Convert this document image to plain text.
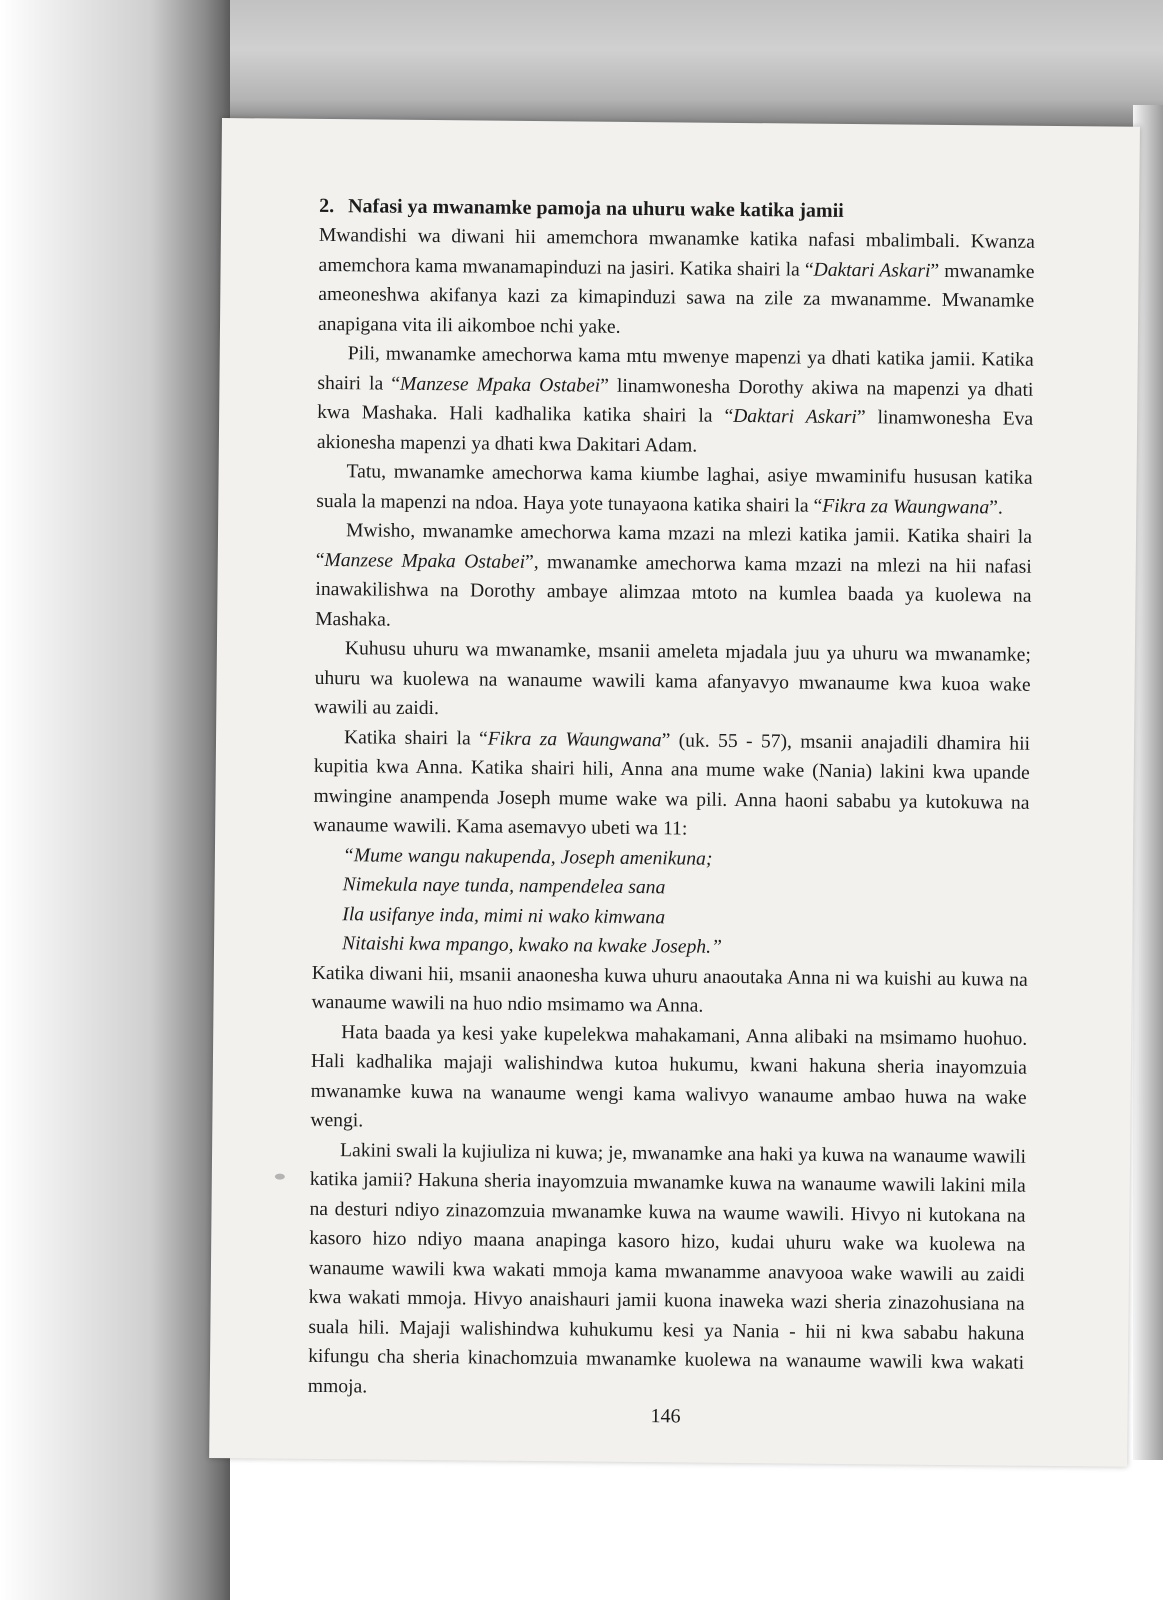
2. Nafasi ya mwanamke pamoja na uhuru wake katika jamii

Mwandishi wa diwani hii amemchora mwanamke katika nafasi mbalimbali. Kwanza amemchora kama mwanamapinduzi na jasiri. Katika shairi la “Daktari Askari” mwanamke ameoneshwa akifanya kazi za kimapinduzi sawa na zile za mwanamme. Mwanamke anapigana vita ili aikomboe nchi yake.

Pili, mwanamke amechorwa kama mtu mwenye mapenzi ya dhati katika jamii. Katika shairi la “Manzese Mpaka Ostabei” linamwonesha Dorothy akiwa na mapenzi ya dhati kwa Mashaka. Hali kadhalika katika shairi la “Daktari Askari” linamwonesha Eva akionesha mapenzi ya dhati kwa Dakitari Adam.

Tatu, mwanamke amechorwa kama kiumbe laghai, asiye mwaminifu hususan katika suala la mapenzi na ndoa. Haya yote tunayaona katika shairi la “Fikra za Waungwana”.

Mwisho, mwanamke amechorwa kama mzazi na mlezi katika jamii. Katika shairi la “Manzese Mpaka Ostabei”, mwanamke amechorwa kama mzazi na mlezi na hii nafasi inawakilishwa na Dorothy ambaye alimzaa mtoto na kumlea baada ya kuolewa na Mashaka.

Kuhusu uhuru wa mwanamke, msanii ameleta mjadala juu ya uhuru wa mwanamke; uhuru wa kuolewa na wanaume wawili kama afanyavyo mwanaume kwa kuoa wake wawili au zaidi.

Katika shairi la “Fikra za Waungwana” (uk. 55 - 57), msanii anajadili dhamira hii kupitia kwa Anna. Katika shairi hili, Anna ana mume wake (Nania) lakini kwa upande mwingine anampenda Joseph mume wake wa pili. Anna haoni sababu ya kutokuwa na wanaume wawili. Kama asemavyo ubeti wa 11:

“Mume wangu nakupenda, Joseph amenikuna;
Nimekula naye tunda, nampendelea sana
Ila usifanye inda, mimi ni wako kimwana
Nitaishi kwa mpango, kwako na kwake Joseph.”

Katika diwani hii, msanii anaonesha kuwa uhuru anaoutaka Anna ni wa kuishi au kuwa na wanaume wawili na huo ndio msimamo wa Anna.

Hata baada ya kesi yake kupelekwa mahakamani, Anna alibaki na msimamo huohuo. Hali kadhalika majaji walishindwa kutoa hukumu, kwani hakuna sheria inayomzuia mwanamke kuwa na wanaume wengi kama walivyo wanaume ambao huwa na wake wengi.

Lakini swali la kujiuliza ni kuwa; je, mwanamke ana haki ya kuwa na wanaume wawili katika jamii? Hakuna sheria inayomzuia mwanamke kuwa na wanaume wawili lakini mila na desturi ndiyo zinazomzuia mwanamke kuwa na waume wawili. Hivyo ni kutokana na kasoro hizo ndiyo maana anapinga kasoro hizo, kudai uhuru wake wa kuolewa na wanaume wawili kwa wakati mmoja kama mwanamme anavyooa wake wawili au zaidi kwa wakati mmoja. Hivyo anaishauri jamii kuona inaweka wazi sheria zinazohusiana na suala hili. Majaji walishindwa kuhukumu kesi ya Nania - hii ni kwa sababu hakuna kifungu cha sheria kinachomzuia mwanamke kuolewa na wanaume wawili kwa wakati mmoja.

146
